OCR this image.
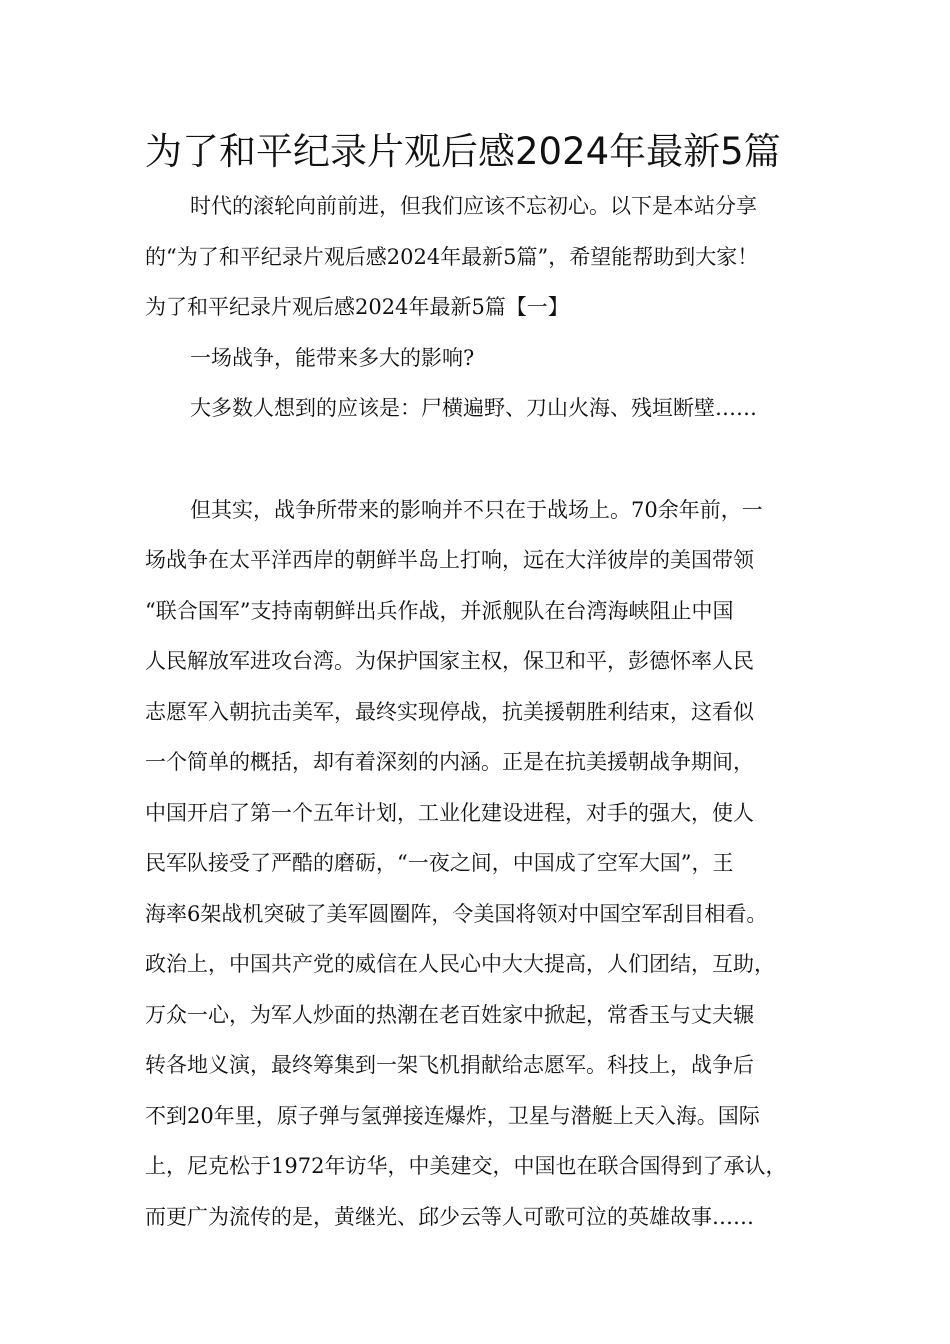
为了和平纪录片观后感2024年最新5篇

时代的滚轮向前前进，但我们应该不忘初心。以下是本站分享

的“为了和平纪录片观后感2024年最新5篇”，希望能帮助到大家！

为了和平纪录片观后感2024年最新5篇【一】

一场战争，能带来多大的影响?

大多数人想到的应该是：尸横遍野、刀山火海、残垣断壁……

但其实，战争所带来的影响并不只在于战场上。70余年前，一

场战争在太平洋西岸的朝鲜半岛上打响，远在大洋彼岸的美国带领

“联合国军”支持南朝鲜出兵作战，并派舰队在台湾海峡阻止中国

人民解放军进攻台湾。为保护国家主权，保卫和平，彭德怀率人民

志愿军入朝抗击美军，最终实现停战，抗美援朝胜利结束，这看似

一个简单的概括，却有着深刻的内涵。正是在抗美援朝战争期间，

中国开启了第一个五年计划，工业化建设进程，对手的强大，使人

民军队接受了严酷的磨砺，“一夜之间，中国成了空军大国”，王

海率6架战机突破了美军圆圈阵，令美国将领对中国空军刮目相看。

政治上，中国共产党的威信在人民心中大大提高，人们团结，互助，

万众一心，为军人炒面的热潮在老百姓家中掀起，常香玉与丈夫辗

转各地义演，最终筹集到一架飞机捐献给志愿军。科技上，战争后

不到20年里，原子弹与氢弹接连爆炸，卫星与潜艇上天入海。国际

上，尼克松于1972年访华，中美建交，中国也在联合国得到了承认，

而更广为流传的是，黄继光、邱少云等人可歌可泣的英雄故事……
